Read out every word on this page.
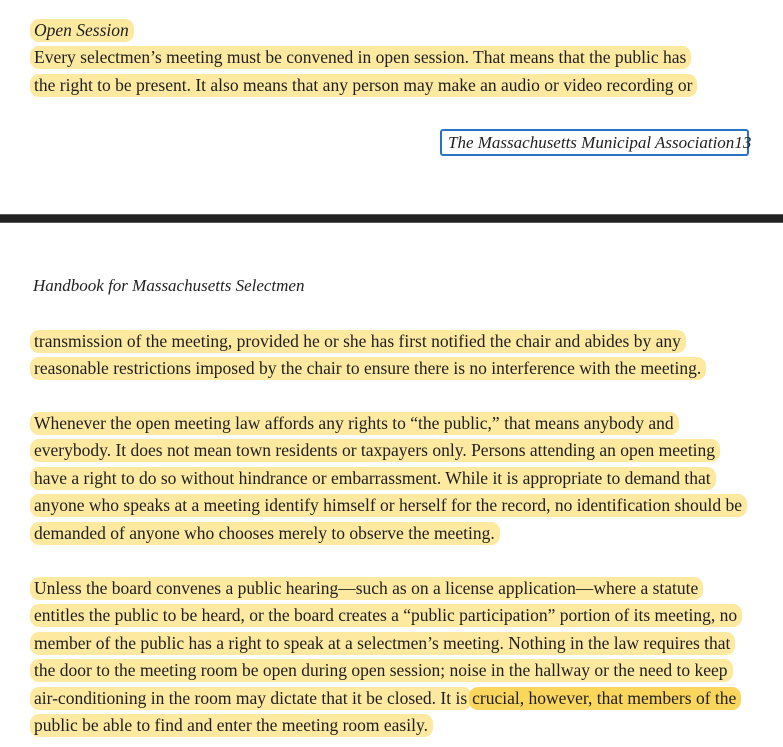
Open Session
Every selectmen’s meeting must be convened in open session. That means that the public has
the right to be present. It also means that any person may make an audio or video recording or
The Massachusetts Municipal Association 13
Handbook for Massachusetts Selectmen
transmission of the meeting, provided he or she has first notified the chair and abides by any
reasonable restrictions imposed by the chair to ensure there is no interference with the meeting.
Whenever the open meeting law affords any rights to “the public,” that means anybody and
everybody. It does not mean town residents or taxpayers only. Persons attending an open meeting
have a right to do so without hindrance or embarrassment. While it is appropriate to demand that
anyone who speaks at a meeting identify himself or herself for the record, no identification should be
demanded of anyone who chooses merely to observe the meeting.
Unless the board convenes a public hearing—such as on a license application—where a statute
entitles the public to be heard, or the board creates a “public participation” portion of its meeting, no
member of the public has a right to speak at a selectmen’s meeting. Nothing in the law requires that
the door to the meeting room be open during open session; noise in the hallway or the need to keep
air-conditioning in the room may dictate that it be closed. It is crucial, however, that members of the
public be able to find and enter the meeting room easily.
